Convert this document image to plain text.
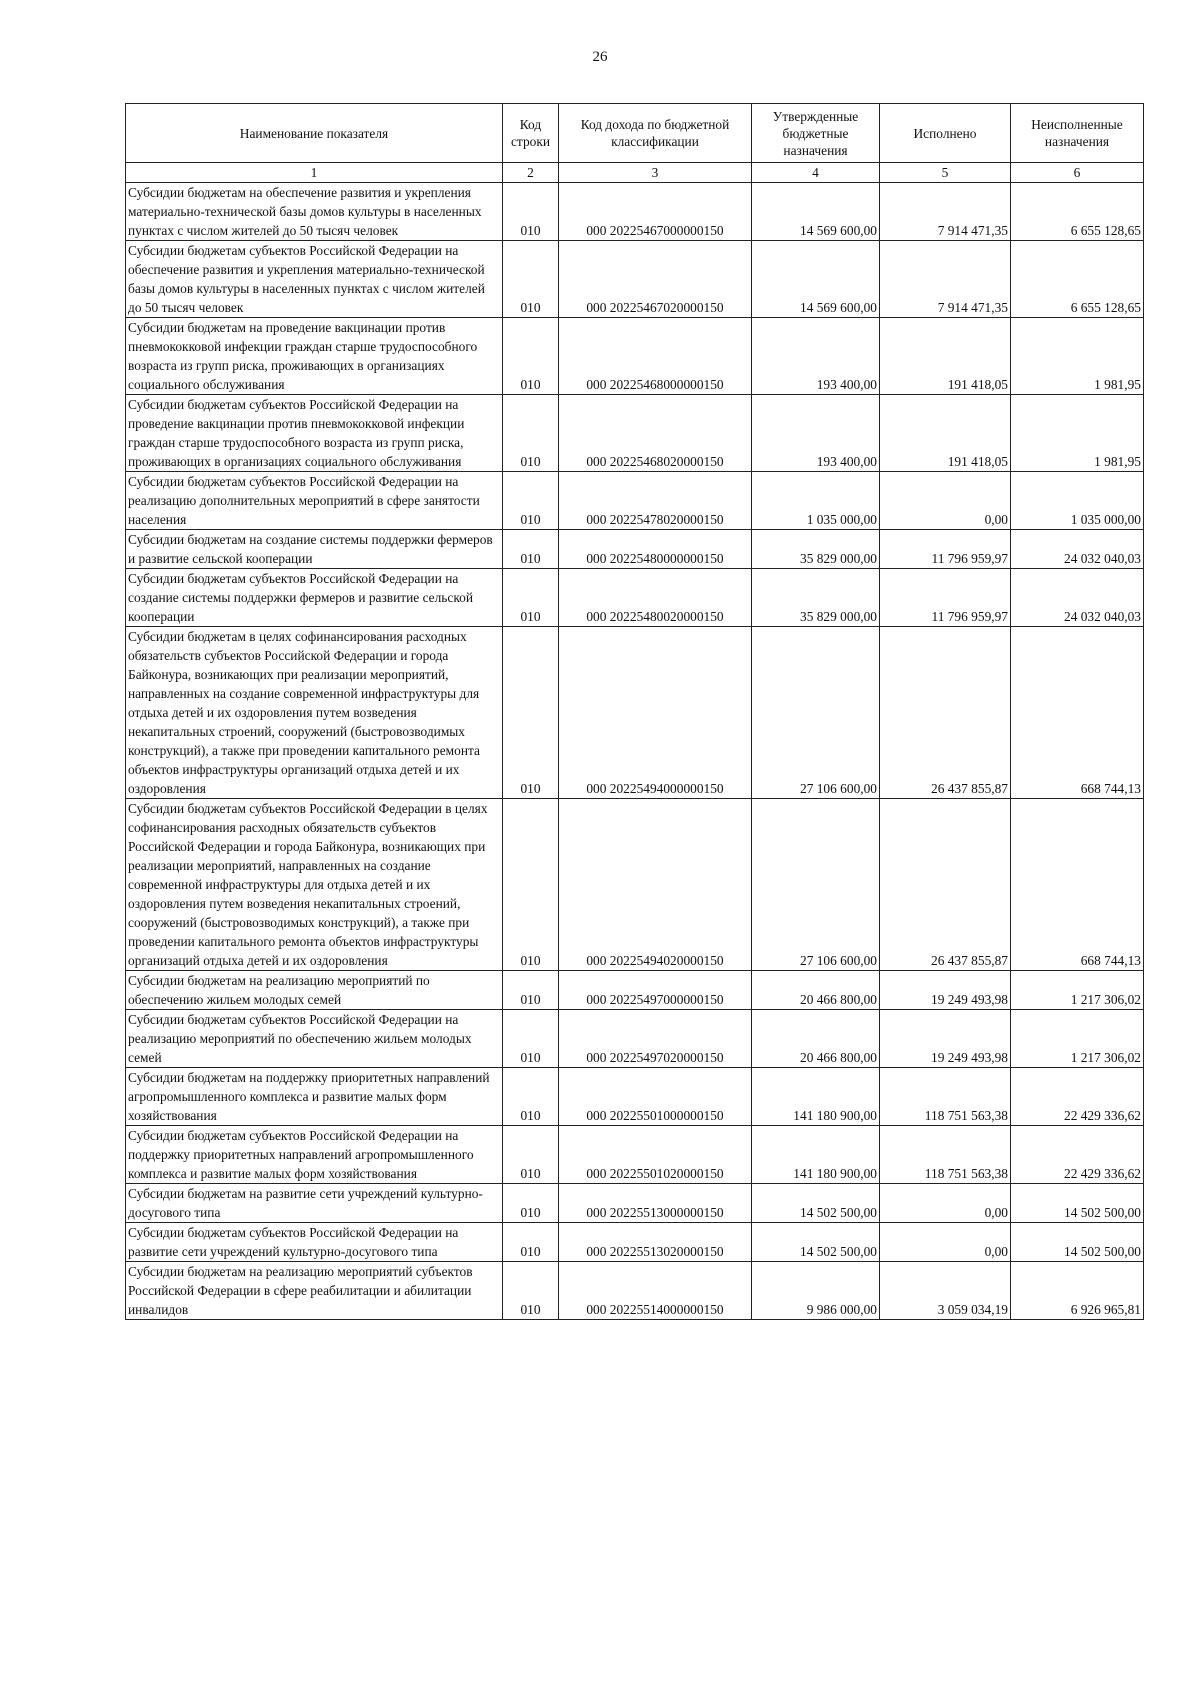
26
Наименование показателя	Код строки	Код дохода по бюджетной классификации	Утвержденные бюджетные назначения	Исполнено	Неисполненные назначения
1	2	3	4	5	6
Субсидии бюджетам на обеспечение развития и укрепления материально-технической базы домов культуры в населенных пунктах с числом жителей до 50 тысяч человек	010	000 20225467000000150	14 569 600,00	7 914 471,35	6 655 128,65
Субсидии бюджетам субъектов Российской Федерации на обеспечение развития и укрепления материально-технической базы домов культуры в населенных пунктах с числом жителей до 50 тысяч человек	010	000 20225467020000150	14 569 600,00	7 914 471,35	6 655 128,65
Субсидии бюджетам на проведение вакцинации против пневмококковой инфекции граждан старше трудоспособного возраста из групп риска, проживающих в организациях социального обслуживания	010	000 20225468000000150	193 400,00	191 418,05	1 981,95
Субсидии бюджетам субъектов Российской Федерации на проведение вакцинации против пневмококковой инфекции граждан старше трудоспособного возраста из групп риска, проживающих в организациях социального обслуживания	010	000 20225468020000150	193 400,00	191 418,05	1 981,95
Субсидии бюджетам субъектов Российской Федерации на реализацию дополнительных мероприятий в сфере занятости населения	010	000 20225478020000150	1 035 000,00	0,00	1 035 000,00
Субсидии бюджетам на создание системы поддержки фермеров и развитие сельской кооперации	010	000 20225480000000150	35 829 000,00	11 796 959,97	24 032 040,03
Субсидии бюджетам субъектов Российской Федерации на создание системы поддержки фермеров и развитие сельской кооперации	010	000 20225480020000150	35 829 000,00	11 796 959,97	24 032 040,03
Субсидии бюджетам в целях софинансирования расходных обязательств субъектов Российской Федерации и города Байконура, возникающих при реализации мероприятий, направленных на создание современной инфраструктуры для отдыха детей и их оздоровления путем возведения некапитальных строений, сооружений (быстровозводимых конструкций), а также при проведении капитального ремонта объектов инфраструктуры организаций отдыха детей и их оздоровления	010	000 20225494000000150	27 106 600,00	26 437 855,87	668 744,13
Субсидии бюджетам субъектов Российской Федерации в целях софинансирования расходных обязательств субъектов Российской Федерации и города Байконура, возникающих при реализации мероприятий, направленных на создание современной инфраструктуры для отдыха детей и их оздоровления путем возведения некапитальных строений, сооружений (быстровозводимых конструкций), а также при проведении капитального ремонта объектов инфраструктуры организаций отдыха детей и их оздоровления	010	000 20225494020000150	27 106 600,00	26 437 855,87	668 744,13
Субсидии бюджетам на реализацию мероприятий по обеспечению жильем молодых семей	010	000 20225497000000150	20 466 800,00	19 249 493,98	1 217 306,02
Субсидии бюджетам субъектов Российской Федерации на реализацию мероприятий по обеспечению жильем молодых семей	010	000 20225497020000150	20 466 800,00	19 249 493,98	1 217 306,02
Субсидии бюджетам на поддержку приоритетных направлений агропромышленного комплекса и развитие малых форм хозяйствования	010	000 20225501000000150	141 180 900,00	118 751 563,38	22 429 336,62
Субсидии бюджетам субъектов Российской Федерации на поддержку приоритетных направлений агропромышленного комплекса и развитие малых форм хозяйствования	010	000 20225501020000150	141 180 900,00	118 751 563,38	22 429 336,62
Субсидии бюджетам на развитие сети учреждений культурно-досугового типа	010	000 20225513000000150	14 502 500,00	0,00	14 502 500,00
Субсидии бюджетам субъектов Российской Федерации на развитие сети учреждений культурно-досугового типа	010	000 20225513020000150	14 502 500,00	0,00	14 502 500,00
Субсидии бюджетам на реализацию мероприятий субъектов Российской Федерации в сфере реабилитации и абилитации инвалидов	010	000 20225514000000150	9 986 000,00	3 059 034,19	6 926 965,81
